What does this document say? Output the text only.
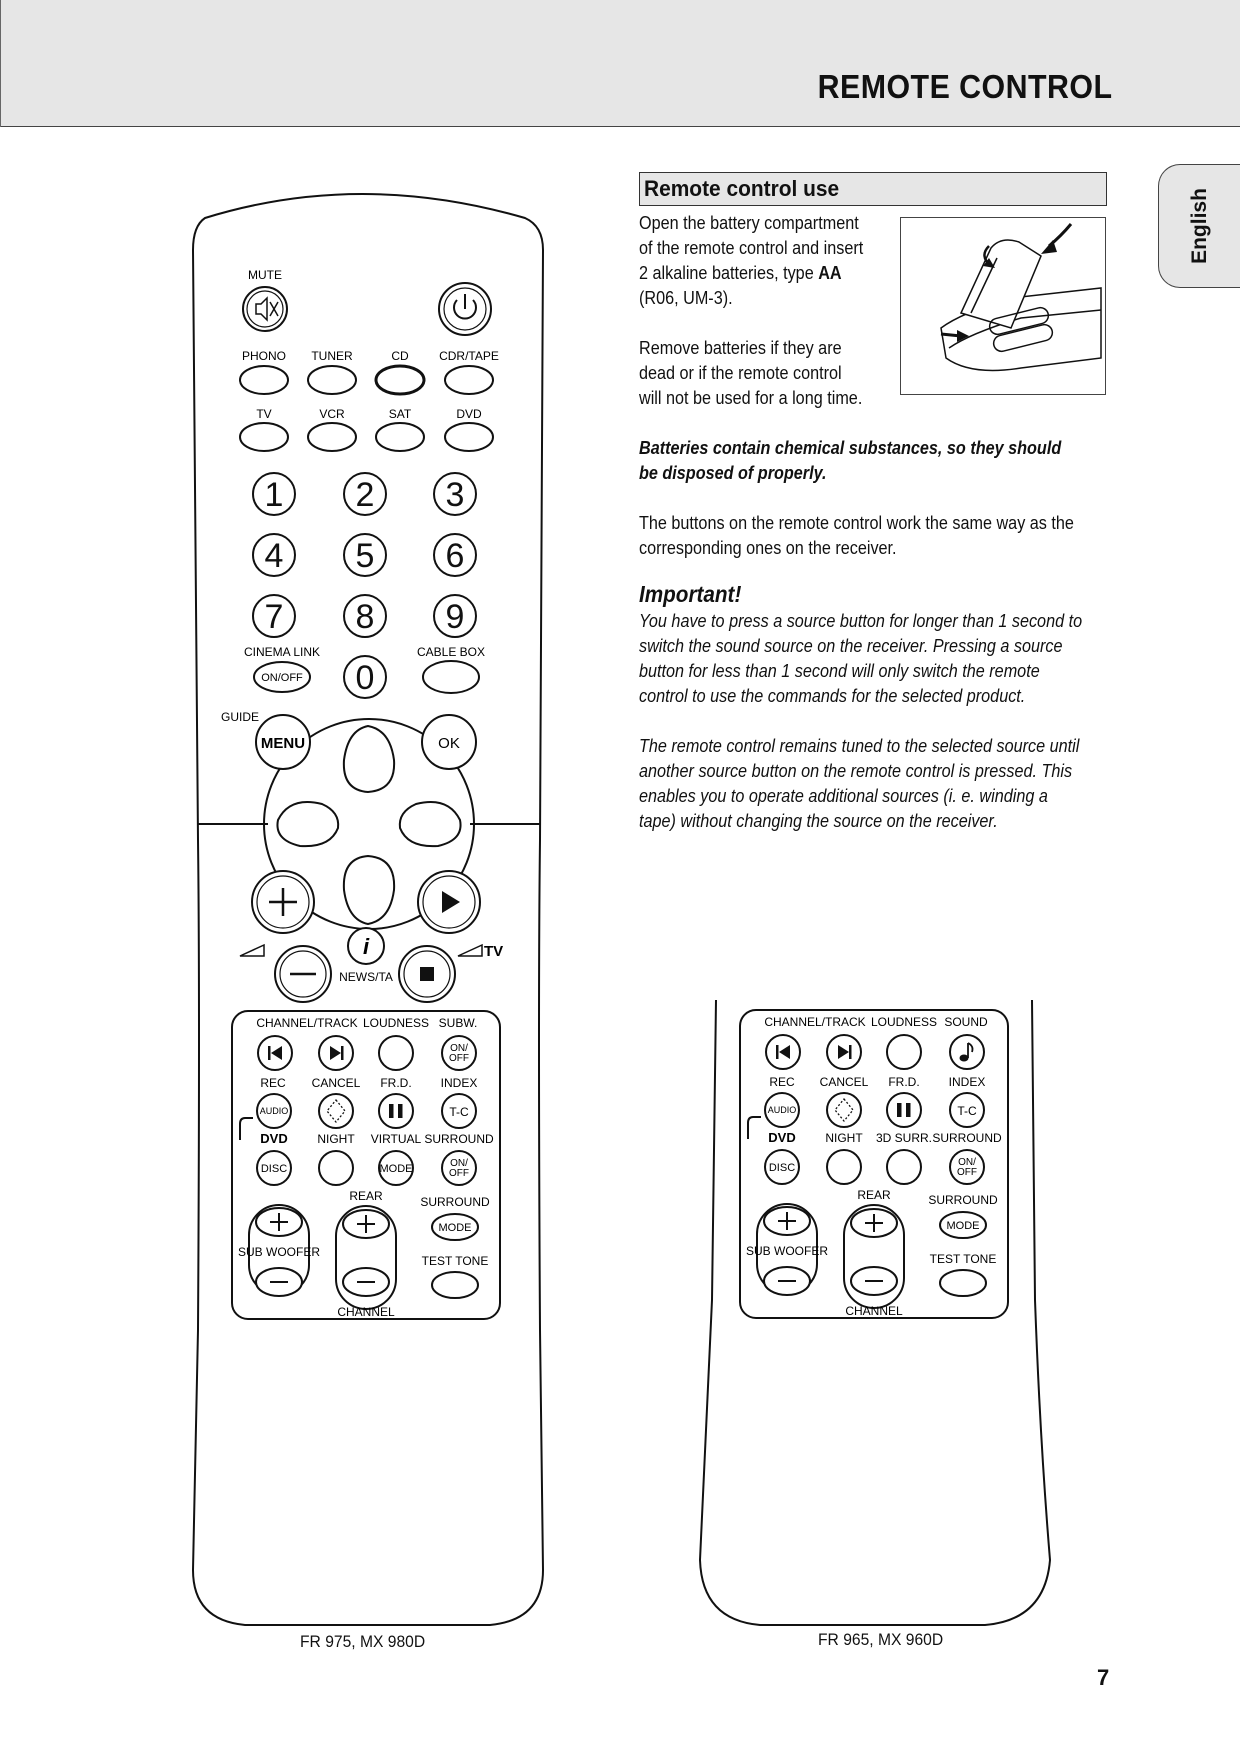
REMOTE CONTROL
English
Remote control use
Open the battery compartment
of the remote control and insert
2 alkaline batteries, type AA
(R06, UM-3).
Remove batteries if they are
dead or if the remote control
will not be used for a long time.
Batteries contain chemical substances, so they should
be disposed of properly.
The buttons on the remote control work the same way as the
corresponding ones on the receiver.
Important!
You have to press a source button for longer than 1 second to
switch the sound source on the receiver. Pressing a source
button for less than 1 second will only switch the remote
control to use the commands for the selected product.
The remote control remains tuned to the selected source until
another source button on the remote control is pressed. This
enables you to operate additional sources (i. e. winding a
tape) without changing the source on the receiver.
MUTE
PHONO TUNER	CD	CDR/TAPE
TV	VCR	SAT	DVD
1 2 3
4 5 6
7 8 9
0
CINEMA LINK
ON/OFF
CABLE BOX
GUIDE
MENU	OK
TV
i
NEWS/TA
CHANNEL/TRACK LOUDNESS SUBW.
REC CANCEL FR.D. INDEX
DVD NIGHT VIRTUAL SURROUND
ON/
OFF
AUDIO	T-C
DISC	MODE	ON/
OFF
REAR	SURROUND
SUB WOOFER
CHANNEL
MODE
TEST TONE
FR 975, MX 980D
CHANNEL/TRACK LOUDNESS SOUND
REC CANCEL FR.D. INDEX
DVD NIGHT 3D SURR. SURROUND
AUDIO	T-C
DISC	ON/
OFF
REAR	SURROUND
SUB WOOFER
CHANNEL
MODE
TEST TONE
FR 965, MX 960D
7
